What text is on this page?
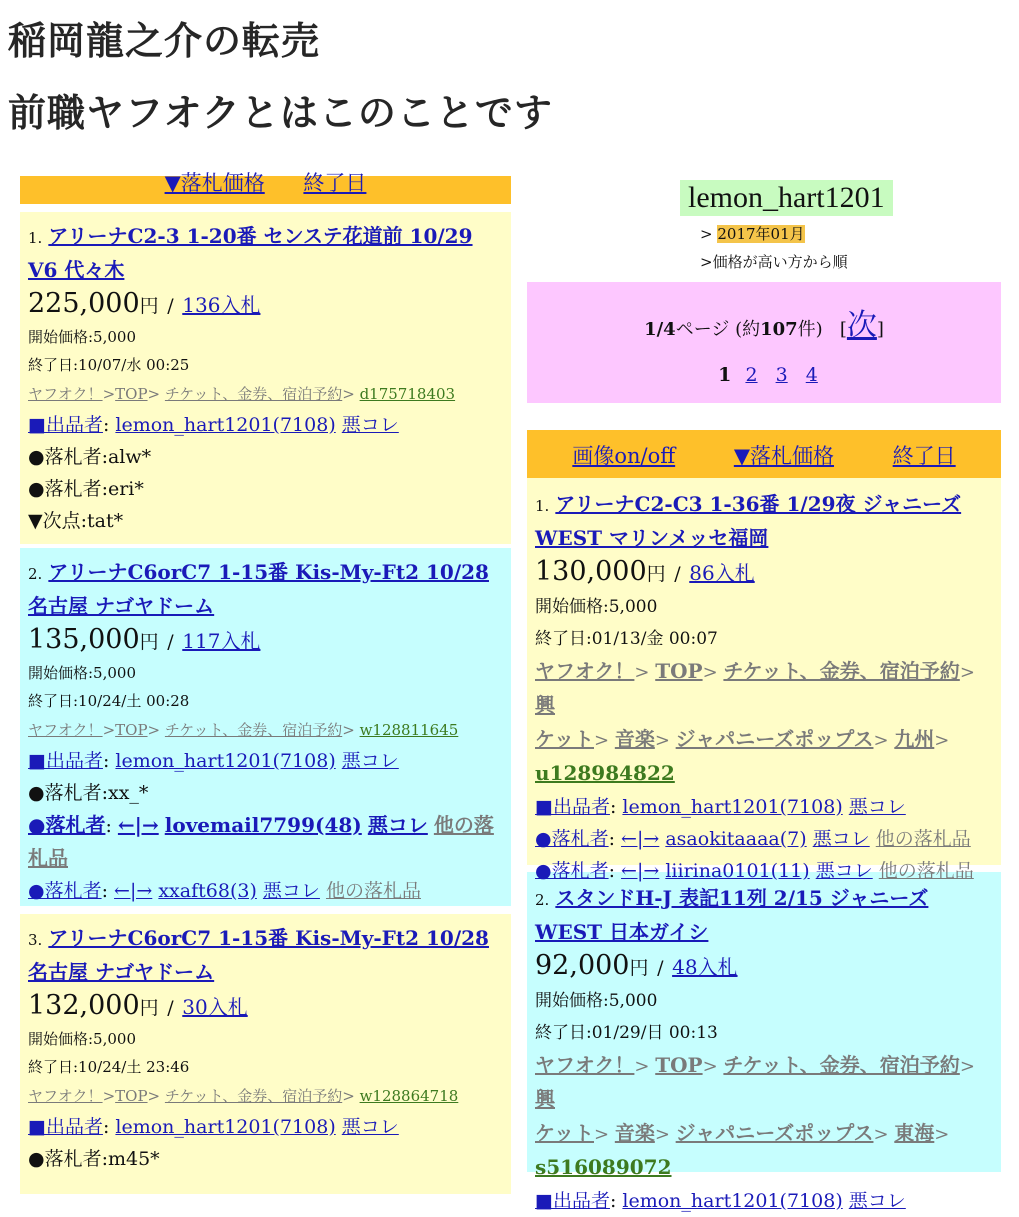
稲岡龍之介の転売
前職ヤフオクとはこのことです
▼落札価格 終了日
1. アリーナC2-3 1-20番 センステ花道前 10/29 V6 代々木
225,000円 / 136入札
開始価格:5,000
終了日:10/07/水 00:25
ヤフオク！>TOP> チケット、金券、宿泊予約> d175718403
■出品者: lemon_hart1201(7108) 悪コレ
●落札者:alw*
●落札者:eri*
▼次点:tat*
2. アリーナC6orC7 1-15番 Kis-My-Ft2 10/28 名古屋 ナゴヤドーム
135,000円 / 117入札
開始価格:5,000
終了日:10/24/土 00:28
ヤフオク！>TOP> チケット、金券、宿泊予約> w128811645
■出品者: lemon_hart1201(7108) 悪コレ
●落札者:xx_*
●落札者: ←|→ lovemail7799(48) 悪コレ 他の落札品
●落札者: ←|→ xxaft68(3) 悪コレ 他の落札品
3. アリーナC6orC7 1-15番 Kis-My-Ft2 10/28 名古屋 ナゴヤドーム
132,000円 / 30入札
開始価格:5,000
終了日:10/24/土 23:46
ヤフオク！>TOP> チケット、金券、宿泊予約> w128864718
■出品者: lemon_hart1201(7108) 悪コレ
●落札者:m45*
lemon_hart1201
> 2017年01月
>価格が高い方から順
1/4ページ (約107件)   [次]
1 2 3 4
画像on/off	▼落札価格	終了日
1. アリーナC2-C3 1-36番 1/29夜 ジャニーズWEST マリンメッセ福岡
130,000円 / 86入札
開始価格:5,000
終了日:01/13/金 00:07
ヤフオク！> TOP> チケット、金券、宿泊予約> 興
ケット> 音楽> ジャパニーズポップス> 九州>
u128984822
■出品者: lemon_hart1201(7108) 悪コレ
●落札者: ←|→ asaokitaaaa(7) 悪コレ 他の落札品
●落札者: ←|→ liirina0101(11) 悪コレ 他の落札品
2. スタンドH-J 表記11列 2/15 ジャニーズWEST 日本ガイシ
92,000円 / 48入札
開始価格:5,000
終了日:01/29/日 00:13
ヤフオク！> TOP> チケット、金券、宿泊予約> 興
ケット> 音楽> ジャパニーズポップス> 東海>
s516089072
■出品者: lemon_hart1201(7108) 悪コレ
